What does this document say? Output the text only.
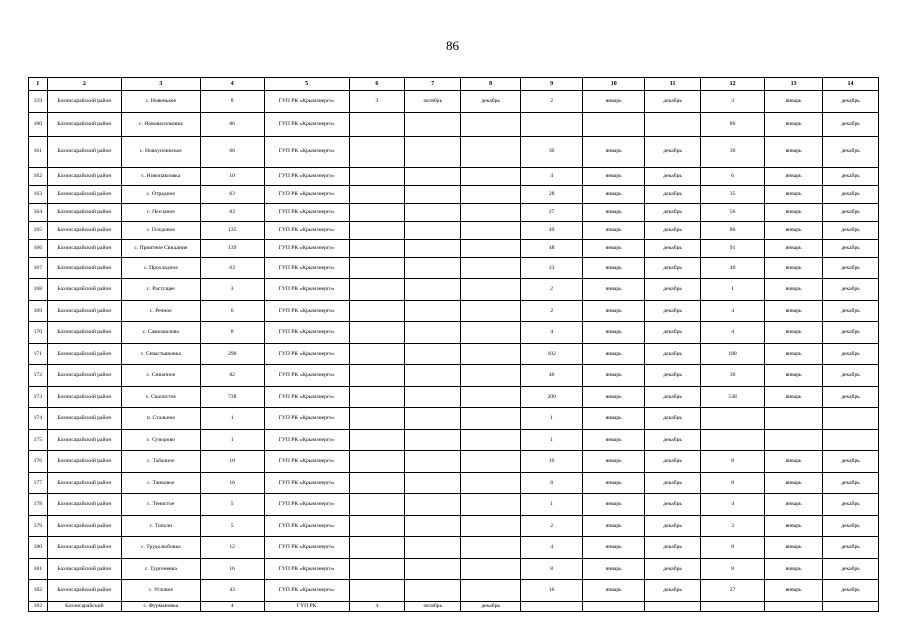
86
1	2	3	4	5	6	7	8	9	10	11	12	13	14
159	Бахчисарайский район	с. Новенькое	8	ГУП РК «Крымэнерго»	3	октябрь	декабрь	2	январь	декабрь	3	январь	декабрь
160	Бахчисарайский район	с. Нововасильевка	86	ГУП РК «Крымэнерго»							86	январь	декабрь
161	Бахчисарайский район	с. Новоуплинское	66	ГУП РК «Крымэнерго»				30	январь	декабрь	36	январь	декабрь
162	Бахчисарайский район	с. Новопавловка	10	ГУП РК «Крымэнерго»				4	январь	декабрь	6	январь	декабрь
163	Бахчисарайский район	с. Отрадное	63	ГУП РК «Крымэнерго»				28	январь	декабрь	35	январь	декабрь
164	Бахчисарайский район	с. Песчаное	83	ГУП РК «Крымэнерго»				27	январь	декабрь	56	январь	декабрь
165	Бахчисарайский район	с. Плодовое	135	ГУП РК «Крымэнерго»				49	январь	декабрь	86	январь	декабрь
166	Бахчисарайский район	с. Приятное Свидание	139	ГУП РК «Крымэнерго»				48	январь	декабрь	91	январь	декабрь
167	Бахчисарайский район	с. Прохладное	63	ГУП РК «Крымэнерго»				23	январь	декабрь	40	январь	декабрь
168	Бахчисарайский район	с. Растущее	3	ГУП РК «Крымэнерго»				2	январь	декабрь	1	январь	декабрь
169	Бахчисарайский район	с. Речное	6	ГУП РК «Крымэнерго»				2	январь	декабрь	4	январь	декабрь
170	Бахчисарайский район	с. Самохвалово	8	ГУП РК «Крымэнерго»				4	январь	декабрь	4	январь	декабрь
171	Бахчисарайский район	с. Севастьяновка	290	ГУП РК «Крымэнерго»				102	январь	декабрь	188	январь	декабрь
172	Бахчисарайский район	с. Синапное	82	ГУП РК «Крымэнерго»				46	январь	декабрь	36	январь	декабрь
173	Бахчисарайский район	с. Скалистое	738	ГУП РК «Крымэнерго»				200	январь	декабрь	538	январь	декабрь
174	Бахчисарайский район	п. Стальное	1	ГУП РК «Крымэнерго»				1	январь	декабрь			
175	Бахчисарайский район	с. Суворово	1	ГУП РК «Крымэнерго»				1	январь	декабрь			
176	Бахчисарайский район	с. Табачное	18	ГУП РК «Крымэнерго»				10	январь	декабрь	8	январь	декабрь
177	Бахчисарайский район	с. Танковое	16	ГУП РК «Крымэнерго»				8	январь	декабрь	8	январь	декабрь
178	Бахчисарайский район	с. Тенистое	5	ГУП РК «Крымэнерго»				1	январь	декабрь	4	январь	декабрь
179	Бахчисарайский район	с. Тополи	5	ГУП РК «Крымэнерго»				2	январь	декабрь	3	январь	декабрь
180	Бахчисарайский район	с. Трудолюбовка	12	ГУП РК «Крымэнерго»				4	январь	декабрь	8	январь	декабрь
181	Бахчисарайский район	с. Тургеневка	16	ГУП РК «Крымэнерго»				8	январь	декабрь	8	январь	декабрь
182	Бахчисарайский район	с. Угловое	43	ГУП РК «Крымэнерго»				16	январь	декабрь	27	январь	декабрь
183	Бахчисарайский	с. Фурмановка	4	ГУП РК	4	октябрь	декабрь						
